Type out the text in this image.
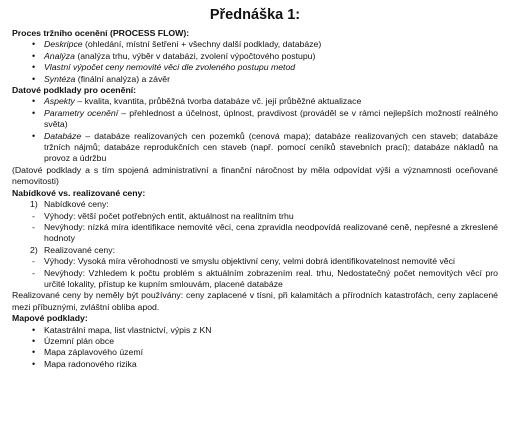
Přednáška 1:
Proces tržního ocenění (PROCESS FLOW):
• Deskripce (ohledání, místní šetření + všechny další podklady, databáze)
• Analýza (analýza trhu, výběr v databázi, zvolení výpočtového postupu)
• Vlastní výpočet ceny nemovité věci dle zvoleného postupu metod
• Syntéza (finální analýza) a závěr
Datové podklady pro ocenění:
• Aspekty – kvalita, kvantita, průběžná tvorba databáze vč. její průběžné aktualizace
• Parametry ocenění – přehlednost a účelnost, úplnost, pravdivost (prováděl se v rámci nejlepších možností reálného světa)
• Databáze – databáze realizovaných cen pozemků (cenová mapa); databáze realizovaných cen staveb; databáze tržních nájmů; databáze reprodukčních cen staveb (např. pomocí ceníků stavebních prací); databáze nákladů na provoz a údržbu
(Datové podklady a s tím spojená administrativní a finanční náročnost by měla odpovídat výši a významnosti oceňované nemovitosti)
Nabídkové vs. realizované ceny:
1) Nabídkové ceny:
- Výhody: větší počet potřebných entit, aktuálnost na realitním trhu
- Nevýhody: nízká míra identifikace nemovité věci, cena zpravidla neodpovídá realizované ceně, nepřesné a zkreslené hodnoty
2) Realizované ceny:
- Výhody: Vysoká míra věrohodnosti ve smyslu objektivní ceny, velmi dobrá identifikovatelnost nemovité věci
- Nevýhody: Vzhledem k počtu problém s aktuálním zobrazením real. trhu, Nedostatečný počet nemovitých věcí pro určité lokality, přístup ke kupním smlouvám, placené databáze
Realizované ceny by neměly být používány: ceny zaplacené v tísni, při kalamitách a přírodních katastrofách, ceny zaplacené mezi příbuznými, zvláštní obliba apod.
Mapové podklady:
• Katastrální mapa, list vlastnictví, výpis z KN
• Územní plán obce
• Mapa záplavového území
• Mapa radonového rizika
